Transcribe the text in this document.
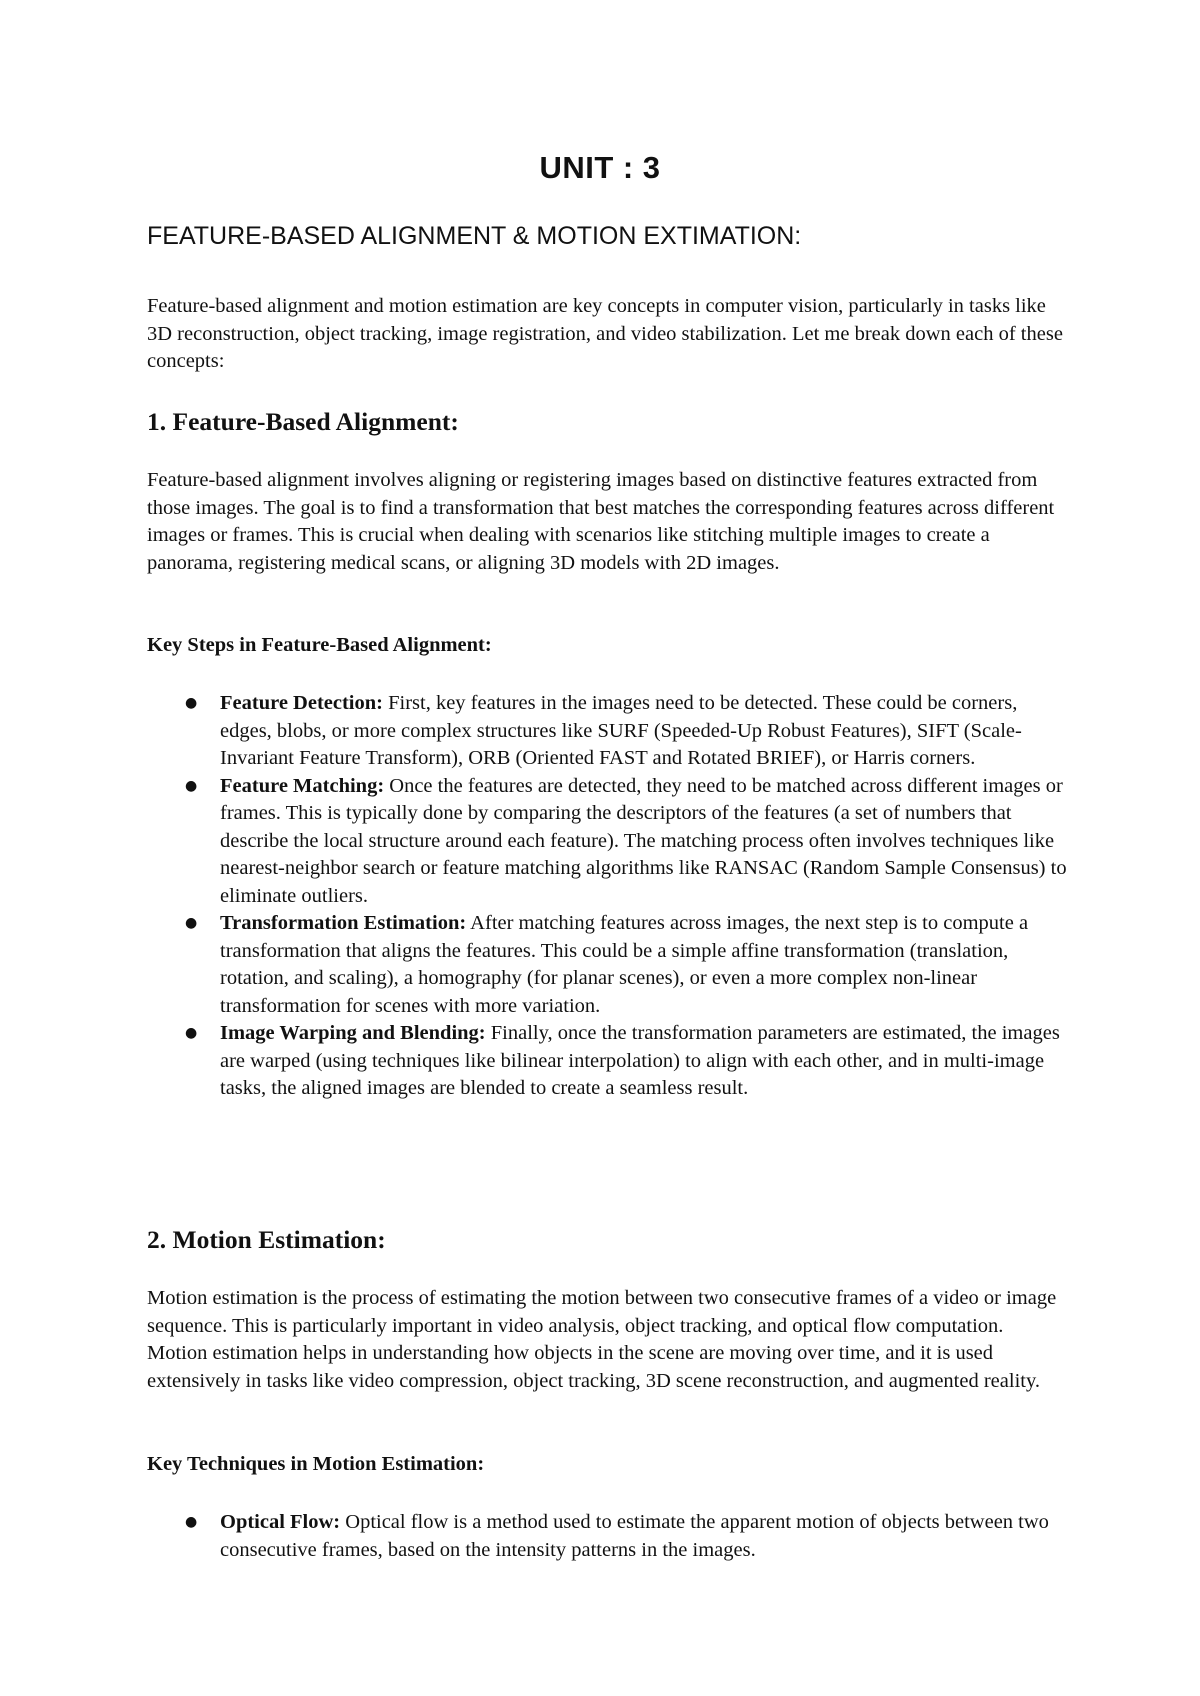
UNIT : 3
FEATURE-BASED ALIGNMENT & MOTION EXTIMATION:

Feature-based alignment and motion estimation are key concepts in computer vision, particularly in tasks like 3D reconstruction, object tracking, image registration, and video stabilization. Let me break down each of these concepts:

1. Feature-Based Alignment:

Feature-based alignment involves aligning or registering images based on distinctive features extracted from those images. The goal is to find a transformation that best matches the corresponding features across different images or frames. This is crucial when dealing with scenarios like stitching multiple images to create a panorama, registering medical scans, or aligning 3D models with 2D images.

Key Steps in Feature-Based Alignment:
● Feature Detection: First, key features in the images need to be detected. These could be corners, edges, blobs, or more complex structures like SURF (Speeded-Up Robust Features), SIFT (Scale-Invariant Feature Transform), ORB (Oriented FAST and Rotated BRIEF), or Harris corners.
● Feature Matching: Once the features are detected, they need to be matched across different images or frames. This is typically done by comparing the descriptors of the features (a set of numbers that describe the local structure around each feature). The matching process often involves techniques like nearest-neighbor search or feature matching algorithms like RANSAC (Random Sample Consensus) to eliminate outliers.
● Transformation Estimation: After matching features across images, the next step is to compute a transformation that aligns the features. This could be a simple affine transformation (translation, rotation, and scaling), a homography (for planar scenes), or even a more complex non-linear transformation for scenes with more variation.
● Image Warping and Blending: Finally, once the transformation parameters are estimated, the images are warped (using techniques like bilinear interpolation) to align with each other, and in multi-image tasks, the aligned images are blended to create a seamless result.
2. Motion Estimation:

Motion estimation is the process of estimating the motion between two consecutive frames of a video or image sequence. This is particularly important in video analysis, object tracking, and optical flow computation. Motion estimation helps in understanding how objects in the scene are moving over time, and it is used extensively in tasks like video compression, object tracking, 3D scene reconstruction, and augmented reality.

Key Techniques in Motion Estimation:
● Optical Flow: Optical flow is a method used to estimate the apparent motion of objects between two consecutive frames, based on the intensity patterns in the images.
